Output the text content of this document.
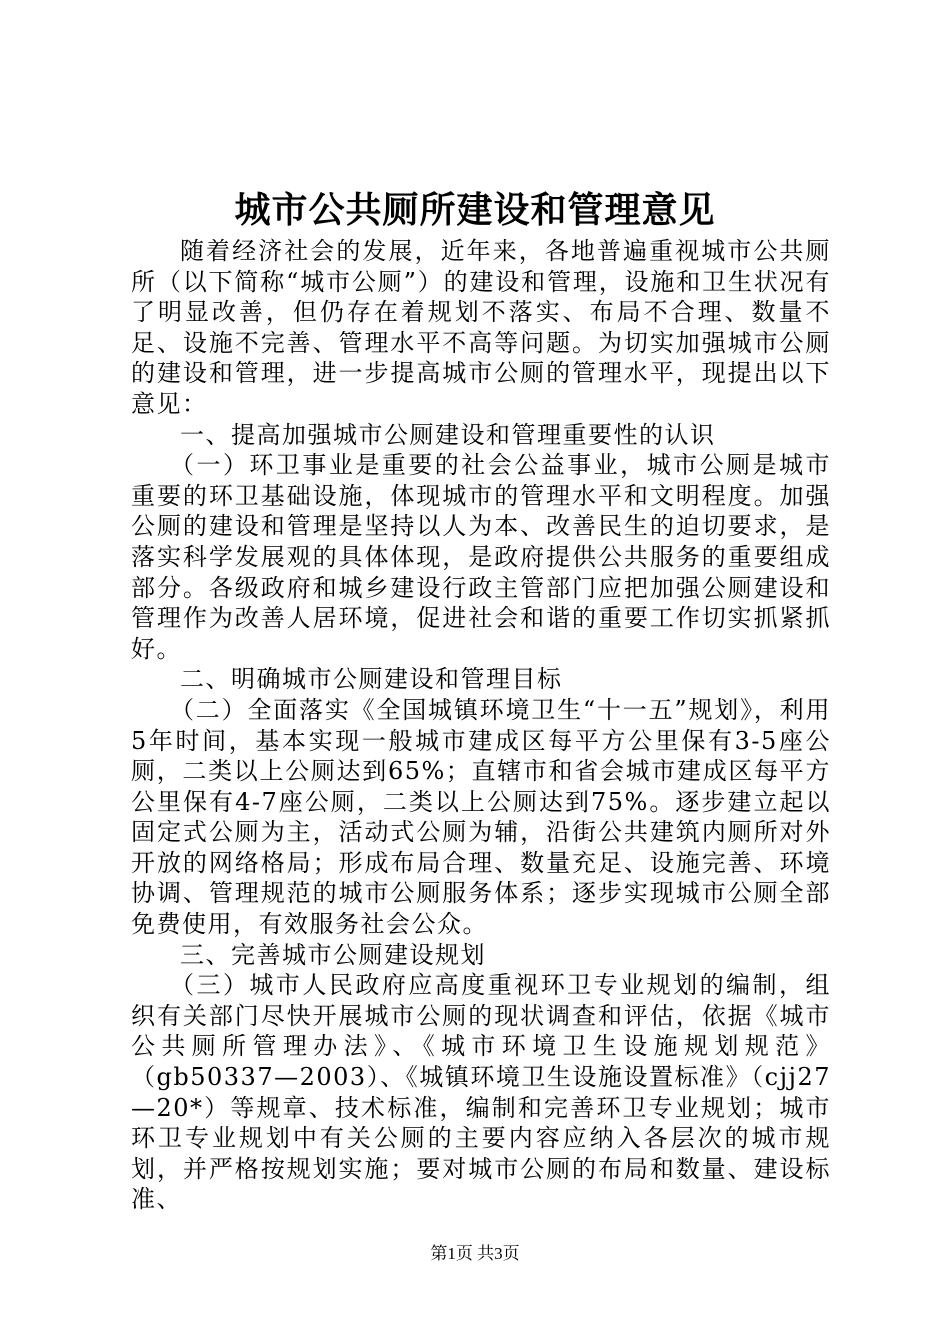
城市公共厕所建设和管理意见

随着经济社会的发展，近年来，各地普遍重视城市公共厕所（以下简称“城市公厕”）的建设和管理，设施和卫生状况有了明显改善，但仍存在着规划不落实、布局不合理、数量不足、设施不完善、管理水平不高等问题。为切实加强城市公厕的建设和管理，进一步提高城市公厕的管理水平，现提出以下意见：

一、提高加强城市公厕建设和管理重要性的认识

（一）环卫事业是重要的社会公益事业，城市公厕是城市重要的环卫基础设施，体现城市的管理水平和文明程度。加强公厕的建设和管理是坚持以人为本、改善民生的迫切要求，是落实科学发展观的具体体现，是政府提供公共服务的重要组成部分。各级政府和城乡建设行政主管部门应把加强公厕建设和管理作为改善人居环境，促进社会和谐的重要工作切实抓紧抓好。

二、明确城市公厕建设和管理目标

（二）全面落实《全国城镇环境卫生“十一五”规划》，利用5年时间，基本实现一般城市建成区每平方公里保有3-5座公厕，二类以上公厕达到65%；直辖市和省会城市建成区每平方公里保有4-7座公厕，二类以上公厕达到75%。逐步建立起以固定式公厕为主，活动式公厕为辅，沿街公共建筑内厕所对外开放的网络格局；形成布局合理、数量充足、设施完善、环境协调、管理规范的城市公厕服务体系；逐步实现城市公厕全部免费使用，有效服务社会公众。

三、完善城市公厕建设规划

（三）城市人民政府应高度重视环卫专业规划的编制，组织有关部门尽快开展城市公厕的现状调查和评估，依据《城市公共厕所管理办法》、《城市环境卫生设施规划规范》（gb50337—2003）、《城镇环境卫生设施设置标准》（cjj27—20*）等规章、技术标准，编制和完善环卫专业规划；城市环卫专业规划中有关公厕的主要内容应纳入各层次的城市规划，并严格按规划实施；要对城市公厕的布局和数量、建设标准、

第1页 共3页
